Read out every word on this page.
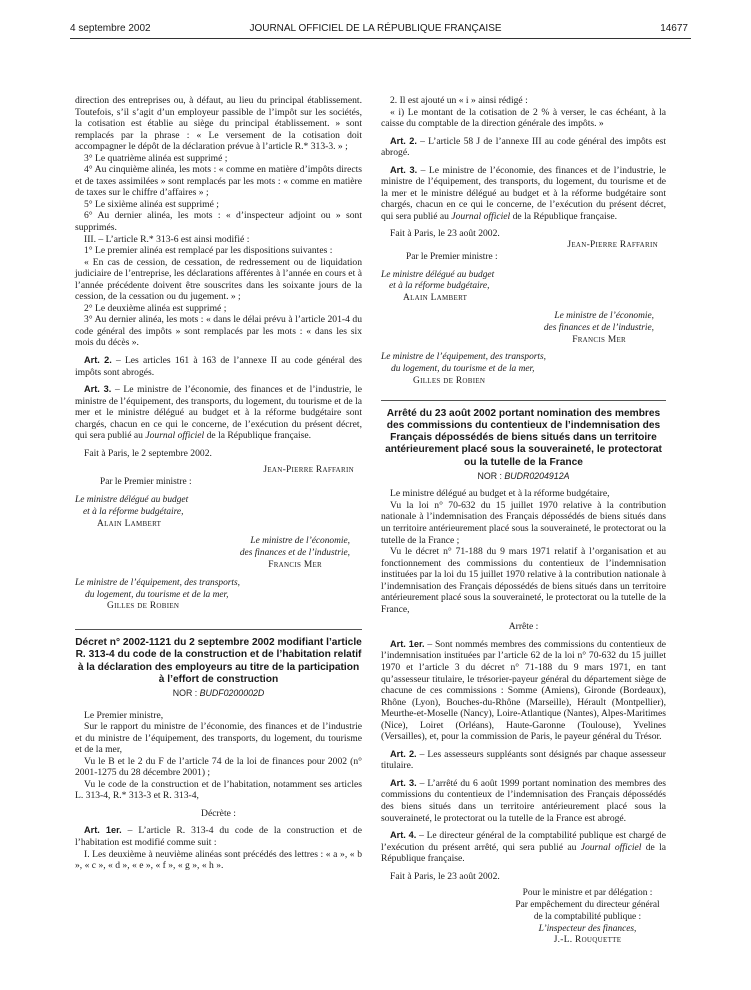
4 septembre 2002	JOURNAL OFFICIEL DE LA RÉPUBLIQUE FRANÇAISE	14677

direction des entreprises ou, à défaut, au lieu du principal établissement. Toutefois, s’il s’agit d’un employeur passible de l’impôt sur les sociétés, la cotisation est établie au siège du principal établissement. » sont remplacés par la phrase : « Le versement de la cotisation doit accompagner le dépôt de la déclaration prévue à l’article R.* 313-3. » ;

3° Le quatrième alinéa est supprimé ;

4° Au cinquième alinéa, les mots : « comme en matière d’impôts directs et de taxes assimilées » sont remplacés par les mots : « comme en matière de taxes sur le chiffre d’affaires » ;

5° Le sixième alinéa est supprimé ;

6° Au dernier alinéa, les mots : « d’inspecteur adjoint ou » sont supprimés.

III. – L’article R.* 313-6 est ainsi modifié :

1° Le premier alinéa est remplacé par les dispositions suivantes :

« En cas de cession, de cessation, de redressement ou de liquidation judiciaire de l’entreprise, les déclarations afférentes à l’année en cours et à l’année précédente doivent être souscrites dans les soixante jours de la cession, de la cessation ou du jugement. » ;

2° Le deuxième alinéa est supprimé ;

3° Au dernier alinéa, les mots : « dans le délai prévu à l’article 201-4 du code général des impôts » sont remplacés par les mots : « dans les six mois du décès ».

Art. 2. – Les articles 161 à 163 de l’annexe II au code général des impôts sont abrogés.

Art. 3. – Le ministre de l’économie, des finances et de l’industrie, le ministre de l’équipement, des transports, du logement, du tourisme et de la mer et le ministre délégué au budget et à la réforme budgétaire sont chargés, chacun en ce qui le concerne, de l’exécution du présent décret, qui sera publié au Journal officiel de la République française.

Fait à Paris, le 2 septembre 2002.

Jean-Pierre Raffarin
Par le Premier ministre :
Le ministre délégué au budget
et à la réforme budgétaire,
Alain Lambert
Le ministre de l’économie,
des finances et de l’industrie,
Francis Mer
Le ministre de l’équipement, des transports,
du logement, du tourisme et de la mer,
Gilles de Robien
Décret n° 2002-1121 du 2 septembre 2002 modifiant l’article R. 313-4 du code de la construction et de l’habitation relatif à la déclaration des employeurs au titre de la participation à l’effort de construction
NOR : BUDF0200002D

Le Premier ministre,

Sur le rapport du ministre de l’économie, des finances et de l’industrie et du ministre de l’équipement, des transports, du logement, du tourisme et de la mer,

Vu le B et le 2 du F de l’article 74 de la loi de finances pour 2002 (n° 2001-1275 du 28 décembre 2001) ;

Vu le code de la construction et de l’habitation, notamment ses articles L. 313-4, R.* 313-3 et R. 313-4,

Décrète :

Art. 1er. – L’article R. 313-4 du code de la construction et de l’habitation est modifié comme suit :

I. Les deuxième à neuvième alinéas sont précédés des lettres : « a », « b », « c », « d », « e », « f », « g », « h ».

2. Il est ajouté un « i » ainsi rédigé :

« i) Le montant de la cotisation de 2 % à verser, le cas échéant, à la caisse du comptable de la direction générale des impôts. »

Art. 2. – L’article 58 J de l’annexe III au code général des impôts est abrogé.

Art. 3. – Le ministre de l’économie, des finances et de l’industrie, le ministre de l’équipement, des transports, du logement, du tourisme et de la mer et le ministre délégué au budget et à la réforme budgétaire sont chargés, chacun en ce qui le concerne, de l’exécution du présent décret, qui sera publié au Journal officiel de la République française.

Fait à Paris, le 23 août 2002.

Jean-Pierre Raffarin
Par le Premier ministre :
Le ministre délégué au budget
et à la réforme budgétaire,
Alain Lambert
Le ministre de l’économie,
des finances et de l’industrie,
Francis Mer
Le ministre de l’équipement, des transports,
du logement, du tourisme et de la mer,
Gilles de Robien
Arrêté du 23 août 2002 portant nomination des membres des commissions du contentieux de l’indemnisation des Français dépossédés de biens situés dans un territoire antérieurement placé sous la souveraineté, le protectorat ou la tutelle de la France
NOR : BUDR0204912A

Le ministre délégué au budget et à la réforme budgétaire,

Vu la loi n° 70-632 du 15 juillet 1970 relative à la contribution nationale à l’indemnisation des Français dépossédés de biens situés dans un territoire antérieurement placé sous la souveraineté, le protectorat ou la tutelle de la France ;

Vu le décret n° 71-188 du 9 mars 1971 relatif à l’organisation et au fonctionnement des commissions du contentieux de l’indemnisation instituées par la loi du 15 juillet 1970 relative à la contribution nationale à l’indemnisation des Français dépossédés de biens situés dans un territoire antérieurement placé sous la souveraineté, le protectorat ou la tutelle de la France,

Arrête :

Art. 1er. – Sont nommés membres des commissions du contentieux de l’indemnisation instituées par l’article 62 de la loi n° 70-632 du 15 juillet 1970 et l’article 3 du décret n° 71-188 du 9 mars 1971, en tant qu’assesseur titulaire, le trésorier-payeur général du département siège de chacune de ces commissions : Somme (Amiens), Gironde (Bordeaux), Rhône (Lyon), Bouches-du-Rhône (Marseille), Hérault (Montpellier), Meurthe-et-Moselle (Nancy), Loire-Atlantique (Nantes), Alpes-Maritimes (Nice), Loiret (Orléans), Haute-Garonne (Toulouse), Yvelines (Versailles), et, pour la commission de Paris, le payeur général du Trésor.

Art. 2. – Les assesseurs suppléants sont désignés par chaque assesseur titulaire.

Art. 3. – L’arrêté du 6 août 1999 portant nomination des membres des commissions du contentieux de l’indemnisation des Français dépossédés des biens situés dans un territoire antérieurement placé sous la souveraineté, le protectorat ou la tutelle de la France est abrogé.

Art. 4. – Le directeur général de la comptabilité publique est chargé de l’exécution du présent arrêté, qui sera publié au Journal officiel de la République française.

Fait à Paris, le 23 août 2002.

Pour le ministre et par délégation :
Par empêchement du directeur général
de la comptabilité publique :
L’inspecteur des finances,
J.-L. Rouquette
